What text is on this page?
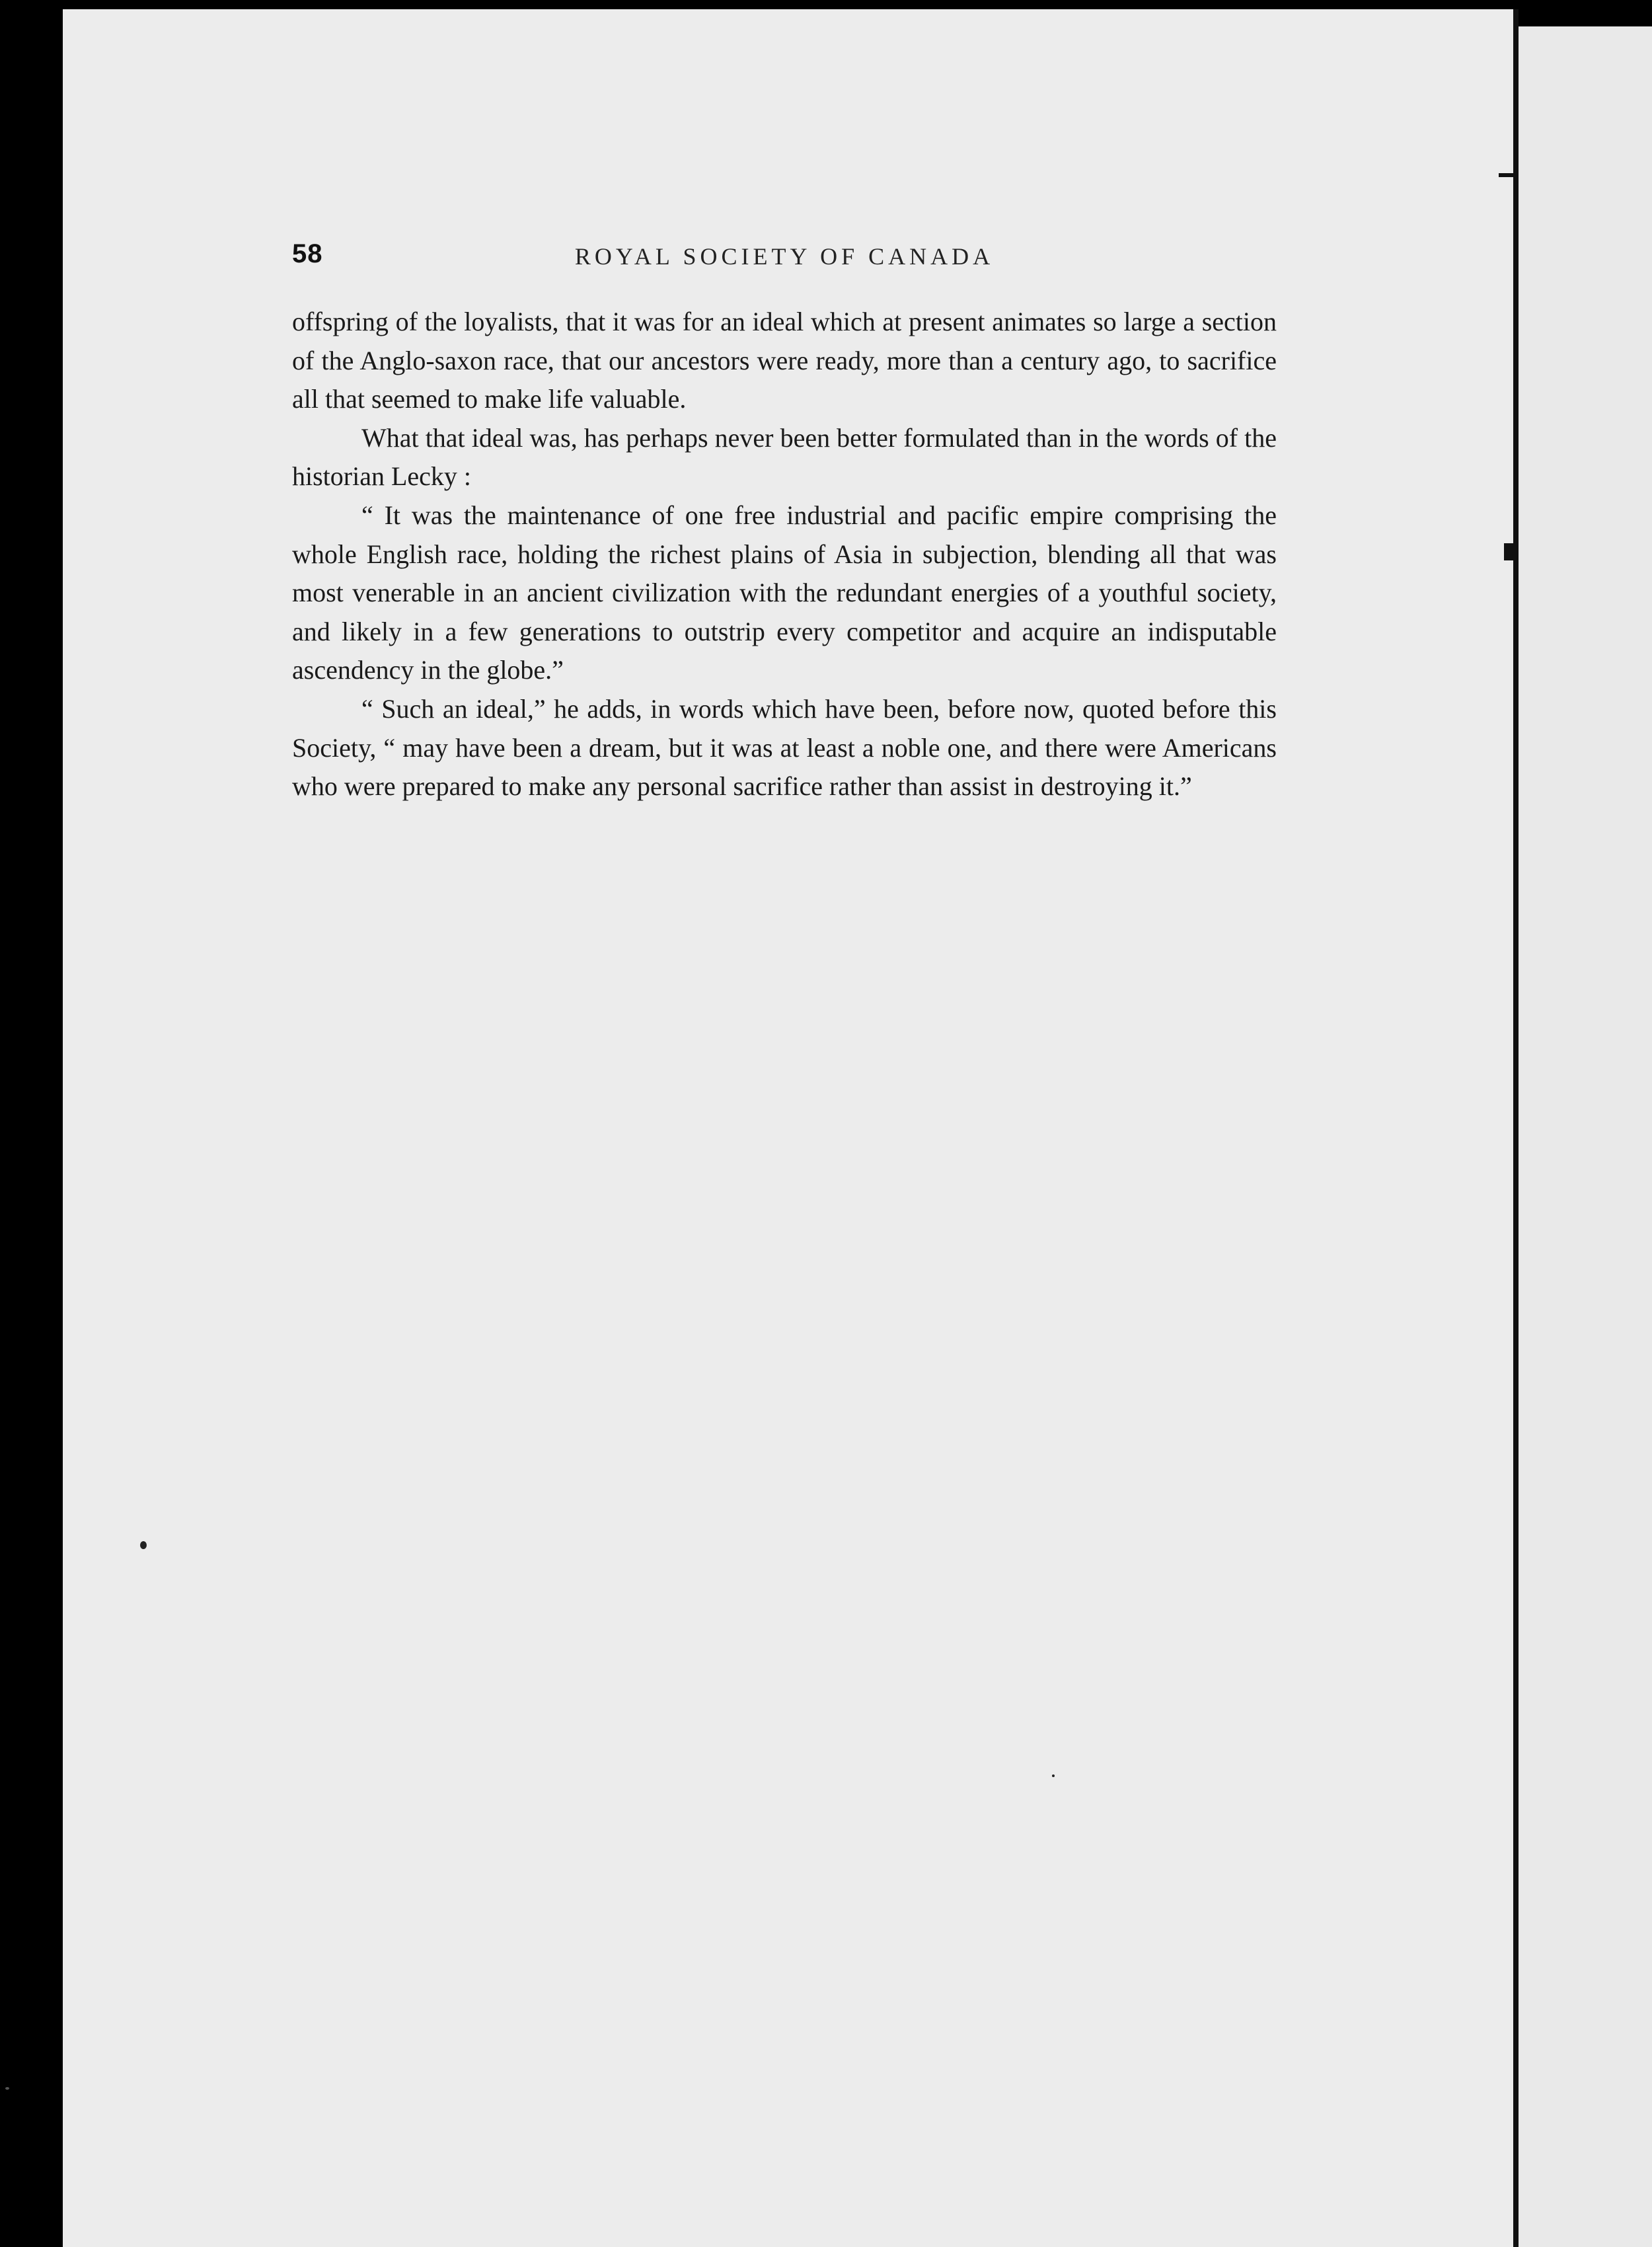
58	ROYAL SOCIETY OF CANADA

offspring of the loyalists, that it was for an ideal which at present animates so large a section of the Anglo-saxon race, that our ancestors were ready, more than a century ago, to sacrifice all that seemed to make life valuable.

What that ideal was, has perhaps never been better formulated than in the words of the historian Lecky :

“ It was the maintenance of one free industrial and pacific empire comprising the whole English race, holding the richest plains of Asia in subjection, blending all that was most venerable in an ancient civilization with the redundant energies of a youthful society, and likely in a few generations to outstrip every competitor and acquire an indisputable ascendency in the globe.”

“ Such an ideal,” he adds, in words which have been, before now, quoted before this Society, “ may have been a dream, but it was at least a noble one, and there were Americans who were prepared to make any personal sacrifice rather than assist in destroying it.”
